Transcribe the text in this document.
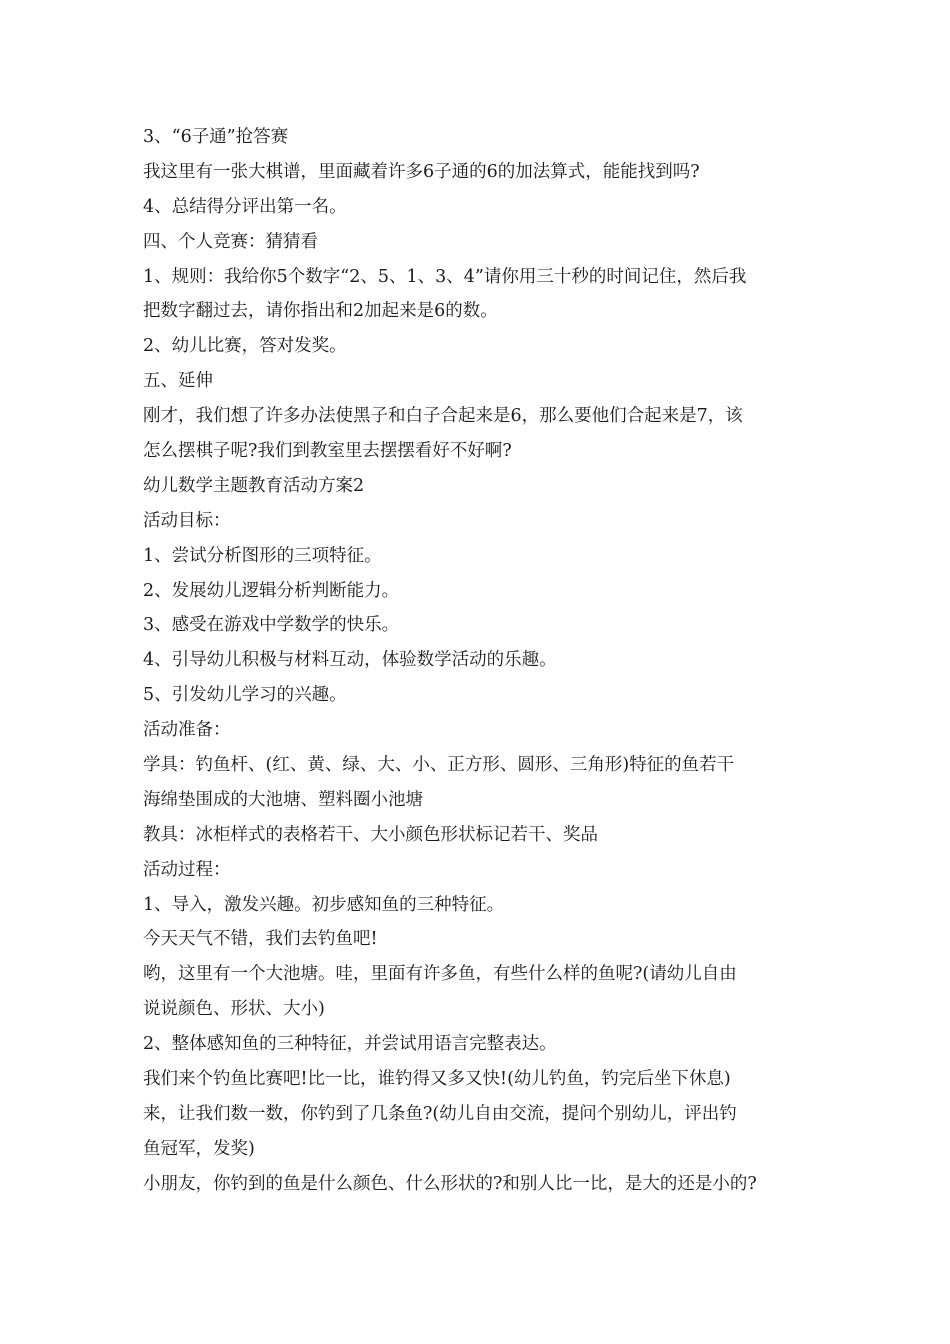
3、“6子通”抢答赛
我这里有一张大棋谱，里面藏着许多6子通的6的加法算式，能能找到吗?
4、总结得分评出第一名。
四、个人竞赛：猜猜看
1、规则：我给你5个数字“2、5、1、3、4”请你用三十秒的时间记住，然后我
把数字翻过去，请你指出和2加起来是6的数。
2、幼儿比赛，答对发奖。
五、延伸
刚才，我们想了许多办法使黑子和白子合起来是6，那么要他们合起来是7，该
怎么摆棋子呢?我们到教室里去摆摆看好不好啊?
幼儿数学主题教育活动方案2
活动目标：
1、尝试分析图形的三项特征。
2、发展幼儿逻辑分析判断能力。
3、感受在游戏中学数学的快乐。
4、引导幼儿积极与材料互动，体验数学活动的乐趣。
5、引发幼儿学习的兴趣。
活动准备：
学具：钓鱼杆、(红、黄、绿、大、小、正方形、圆形、三角形)特征的鱼若干
海绵垫围成的大池塘、塑料圈小池塘
教具：冰柜样式的表格若干、大小颜色形状标记若干、奖品
活动过程：
1、导入，激发兴趣。初步感知鱼的三种特征。
今天天气不错，我们去钓鱼吧!
哟，这里有一个大池塘。哇，里面有许多鱼，有些什么样的鱼呢?(请幼儿自由
说说颜色、形状、大小)
2、整体感知鱼的三种特征，并尝试用语言完整表达。
我们来个钓鱼比赛吧!比一比，谁钓得又多又快!(幼儿钓鱼，钓完后坐下休息)
来，让我们数一数，你钓到了几条鱼?(幼儿自由交流，提问个别幼儿，评出钓
鱼冠军，发奖)
小朋友，你钓到的鱼是什么颜色、什么形状的?和别人比一比，是大的还是小的?
